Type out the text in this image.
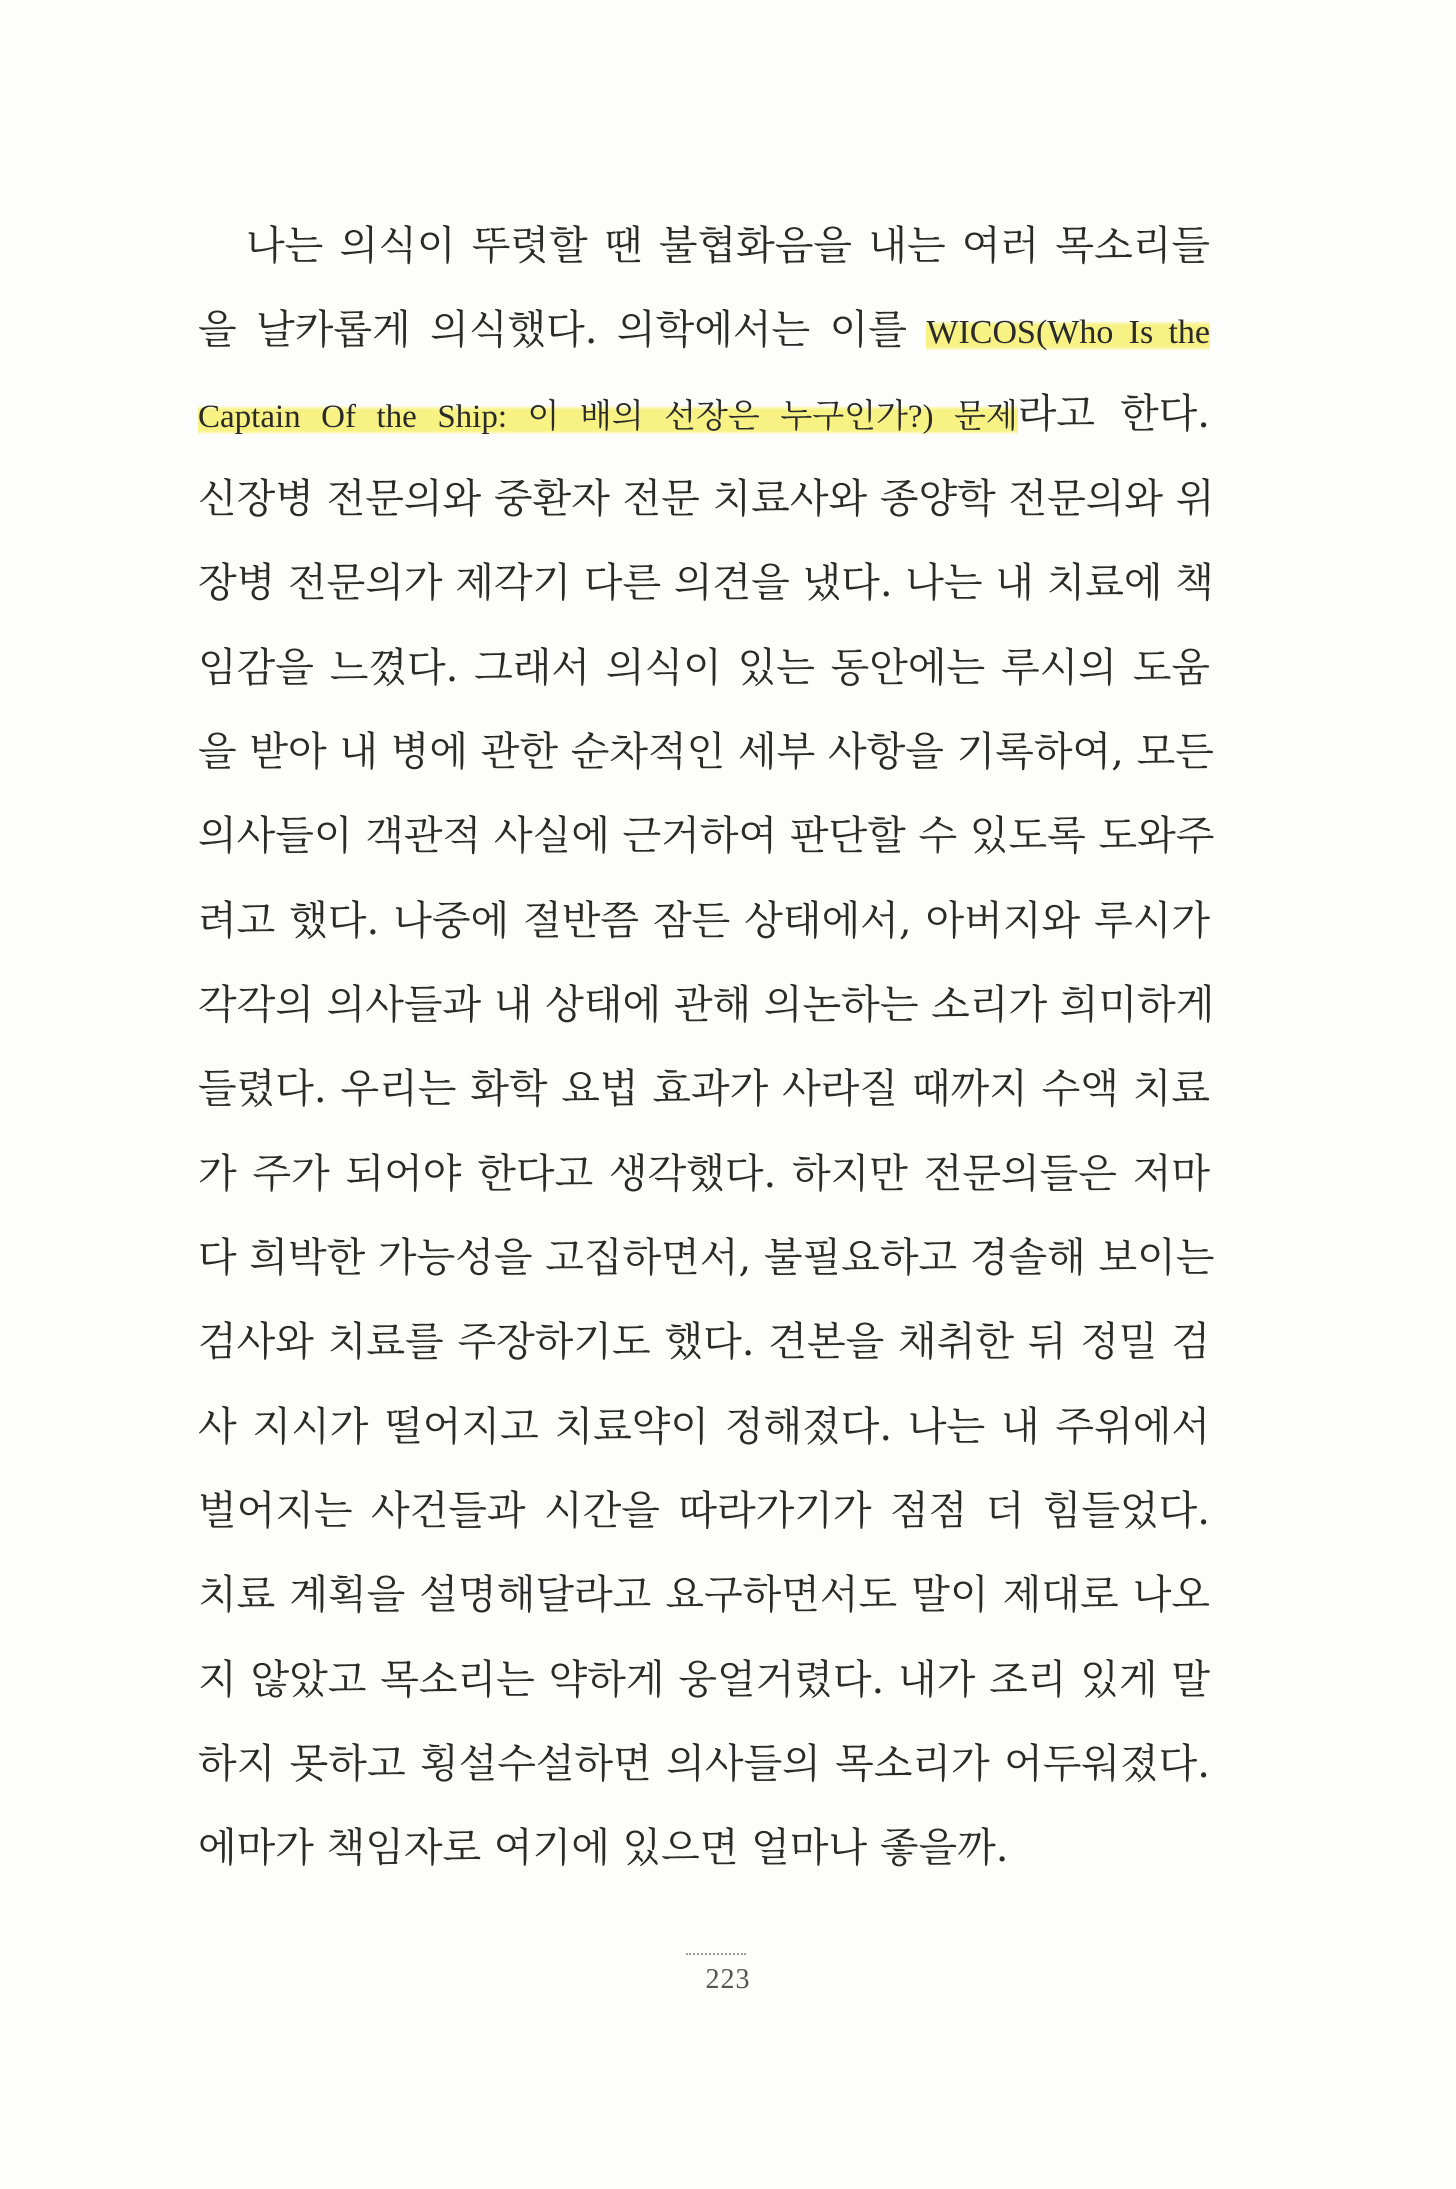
나는 의식이 뚜렷할 땐 불협화음을 내는 여러 목소리들
을 날카롭게 의식했다. 의학에서는 이를 WICOS(Who Is the
Captain Of the Ship: 이 배의 선장은 누구인가?) 문제라고 한다.
신장병 전문의와 중환자 전문 치료사와 종양학 전문의와 위
장병 전문의가 제각기 다른 의견을 냈다. 나는 내 치료에 책
임감을 느꼈다. 그래서 의식이 있는 동안에는 루시의 도움
을 받아 내 병에 관한 순차적인 세부 사항을 기록하여, 모든
의사들이 객관적 사실에 근거하여 판단할 수 있도록 도와주
려고 했다. 나중에 절반쯤 잠든 상태에서, 아버지와 루시가
각각의 의사들과 내 상태에 관해 의논하는 소리가 희미하게
들렸다. 우리는 화학 요법 효과가 사라질 때까지 수액 치료
가 주가 되어야 한다고 생각했다. 하지만 전문의들은 저마
다 희박한 가능성을 고집하면서, 불필요하고 경솔해 보이는
검사와 치료를 주장하기도 했다. 견본을 채취한 뒤 정밀 검
사 지시가 떨어지고 치료약이 정해졌다. 나는 내 주위에서
벌어지는 사건들과 시간을 따라가기가 점점 더 힘들었다.
치료 계획을 설명해달라고 요구하면서도 말이 제대로 나오
지 않았고 목소리는 약하게 웅얼거렸다. 내가 조리 있게 말
하지 못하고 횡설수설하면 의사들의 목소리가 어두워졌다.
에마가 책임자로 여기에 있으면 얼마나 좋을까.
223
